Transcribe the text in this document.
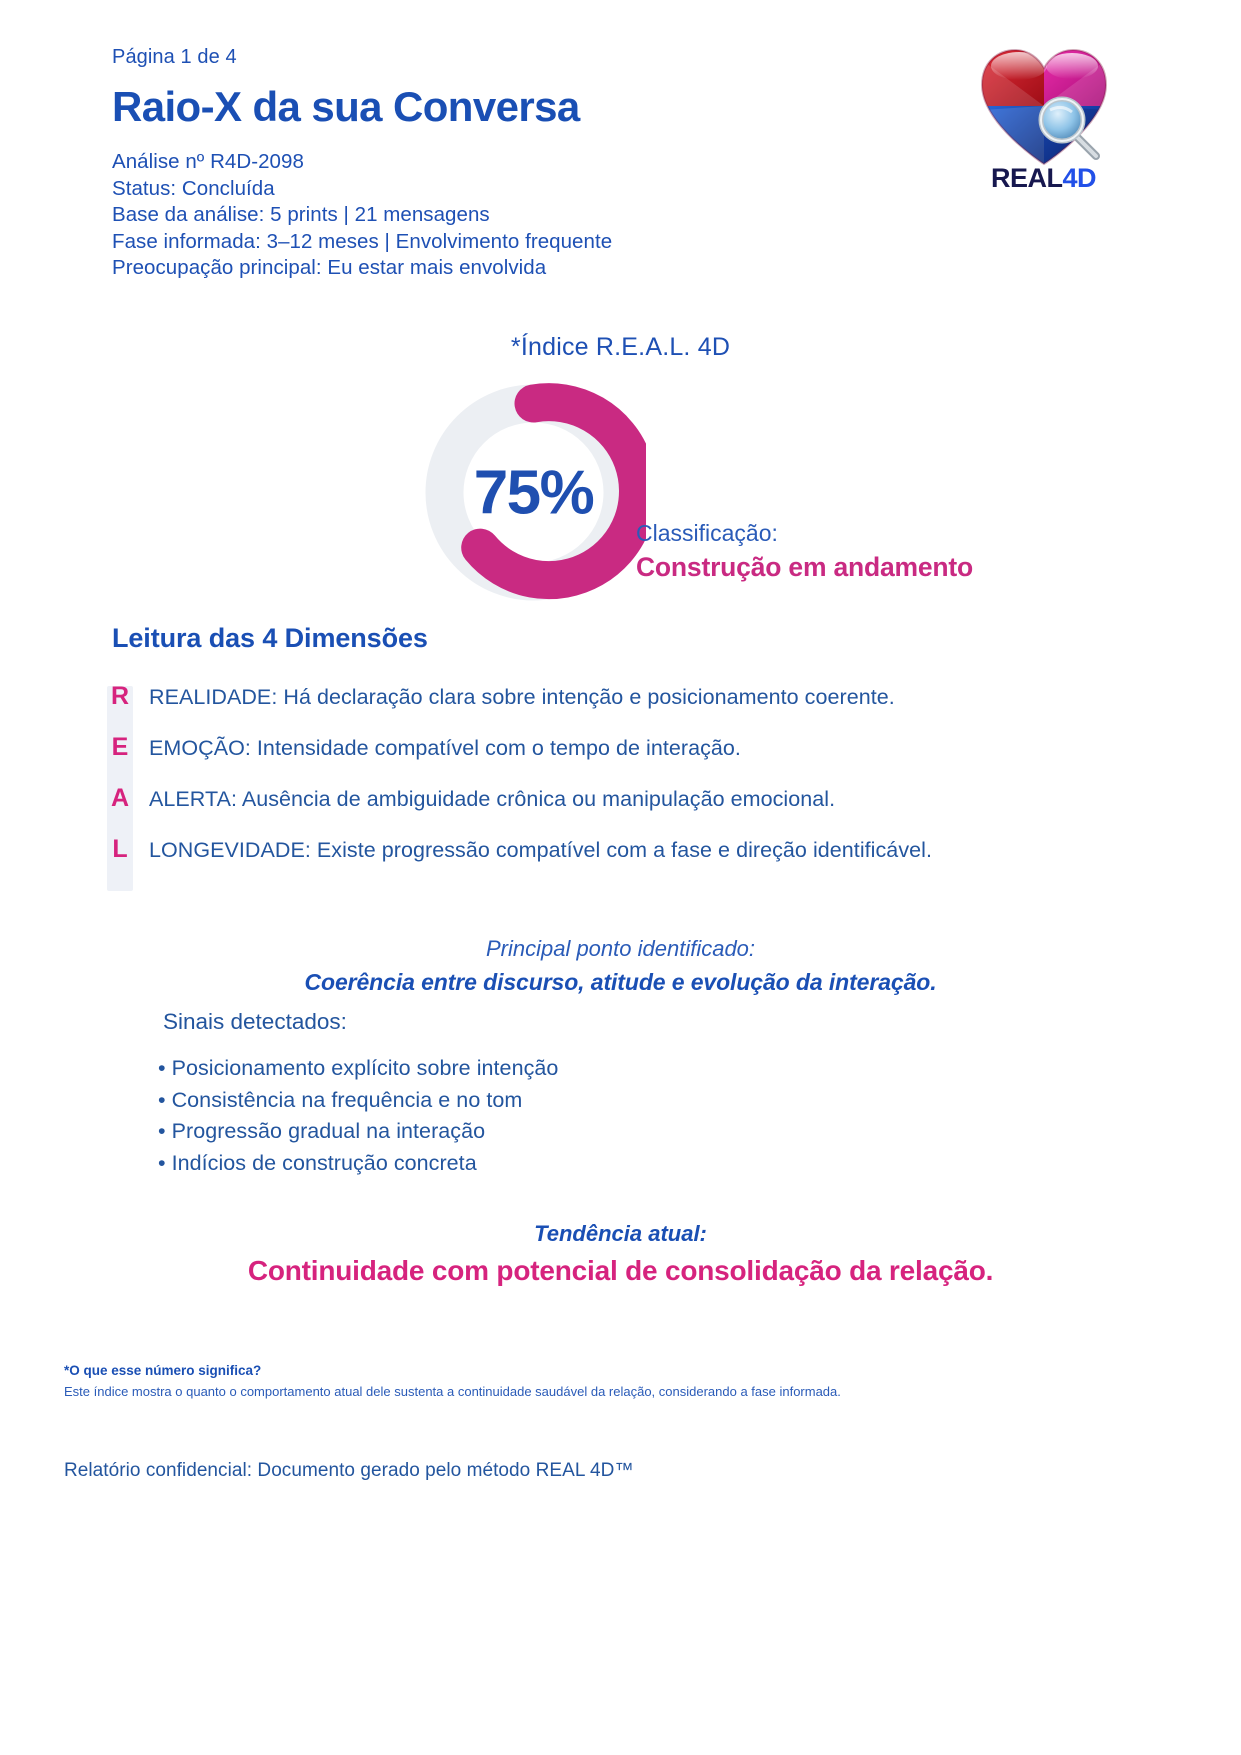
Página 1 de 4
Raio-X da sua Conversa
Análise nº R4D-2098
Status: Concluída
Base da análise: 5 prints | 21 mensagens
Fase informada: 3–12 meses | Envolvimento frequente
Preocupação principal: Eu estar mais envolvida
REAL4D
*Índice R.E.A.L. 4D
75%
Classificação:
Construção em andamento
Leitura das 4 Dimensões
R REALIDADE: Há declaração clara sobre intenção e posicionamento coerente.
E EMOÇÃO: Intensidade compatível com o tempo de interação.
A ALERTA: Ausência de ambiguidade crônica ou manipulação emocional.
L LONGEVIDADE: Existe progressão compatível com a fase e direção identificável.
Principal ponto identificado:
Coerência entre discurso, atitude e evolução da interação.
Sinais detectados:
• Posicionamento explícito sobre intenção
• Consistência na frequência e no tom
• Progressão gradual na interação
• Indícios de construção concreta
Tendência atual:
Continuidade com potencial de consolidação da relação.
*O que esse número significa?
Este índice mostra o quanto o comportamento atual dele sustenta a continuidade saudável da relação, considerando a fase informada.
Relatório confidencial: Documento gerado pelo método REAL 4D™
